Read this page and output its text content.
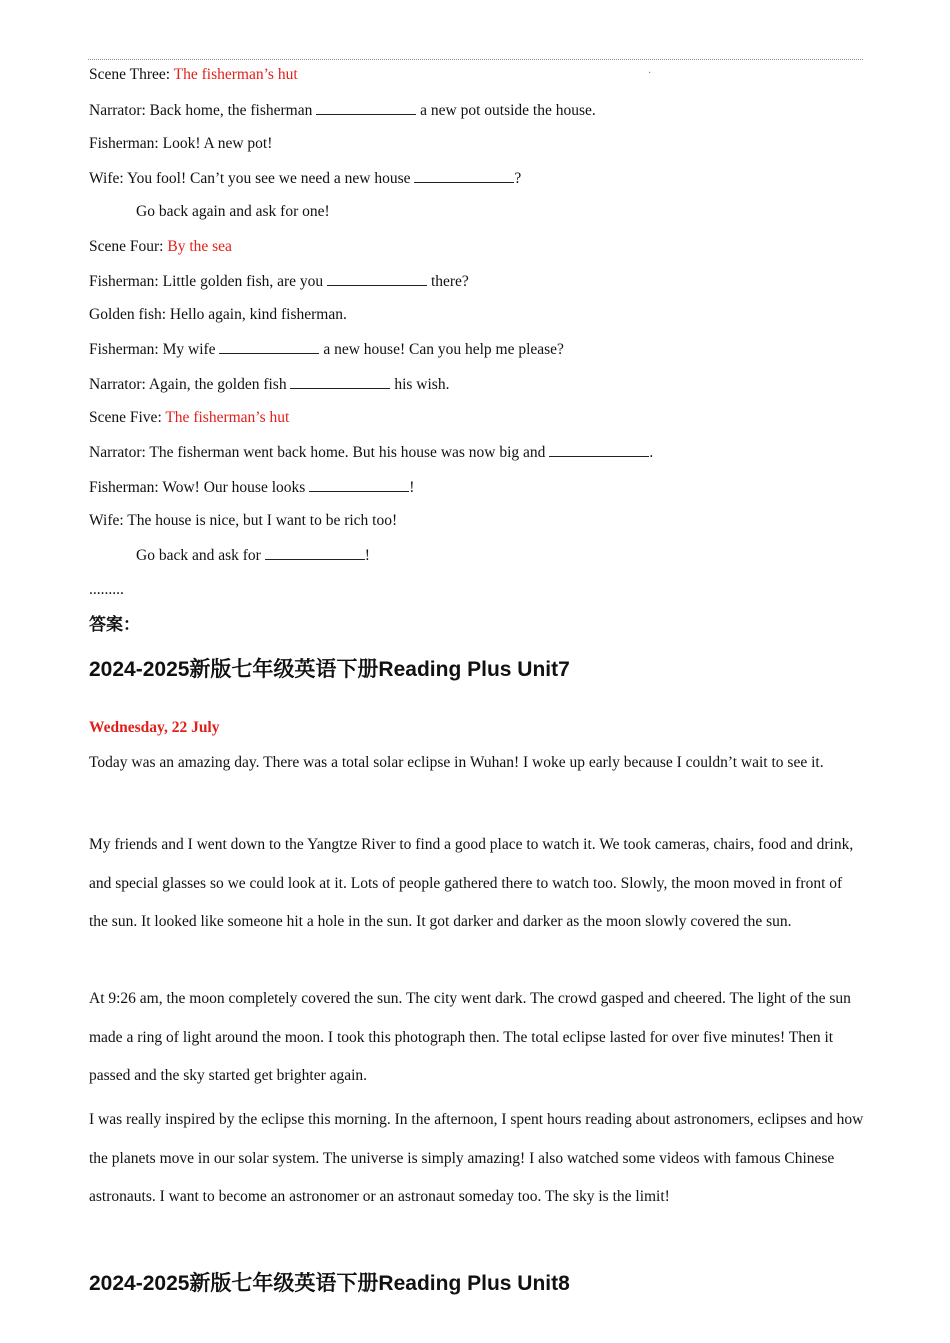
·
Scene Three: The fisherman’s hut
Narrator: Back home, the fisherman	a new pot outside the house.
Fisherman: Look! A new pot!
Wife: You fool! Can’t you see we need a new house	?
Go back again and ask for one!
Scene Four: By the sea
Fisherman: Little golden fish, are you	there?
Golden fish: Hello again, kind fisherman.
Fisherman: My wife	a new house! Can you help me please?
Narrator: Again, the golden fish	his wish.
Scene Five: The fisherman’s hut
Narrator: The fisherman went back home. But his house was now big and	.
Fisherman: Wow! Our house looks	!
Wife: The house is nice, but I want to be rich too!
Go back and ask for	!
.........
答案：
2024-2025新版七年级英语下册Reading Plus Unit7
Wednesday, 22 July
Today was an amazing day. There was a total solar eclipse in Wuhan! I woke up early because I couldn’t wait to see it.
My friends and I went down to the Yangtze River to find a good place to watch it. We took cameras, chairs, food and drink, and special glasses so we could look at it. Lots of people gathered there to watch too. Slowly, the moon moved in front of the sun. It looked like someone hit a hole in the sun. It got darker and darker as the moon slowly covered the sun.
At 9:26 am, the moon completely covered the sun. The city went dark. The crowd gasped and cheered. The light of the sun made a ring of light around the moon. I took this photograph then. The total eclipse lasted for over five minutes! Then it passed and the sky started get brighter again.
I was really inspired by the eclipse this morning. In the afternoon, I spent hours reading about astronomers, eclipses and how the planets move in our solar system. The universe is simply amazing! I also watched some videos with famous Chinese astronauts. I want to become an astronomer or an astronaut someday too. The sky is the limit!
2024-2025新版七年级英语下册Reading Plus Unit8
